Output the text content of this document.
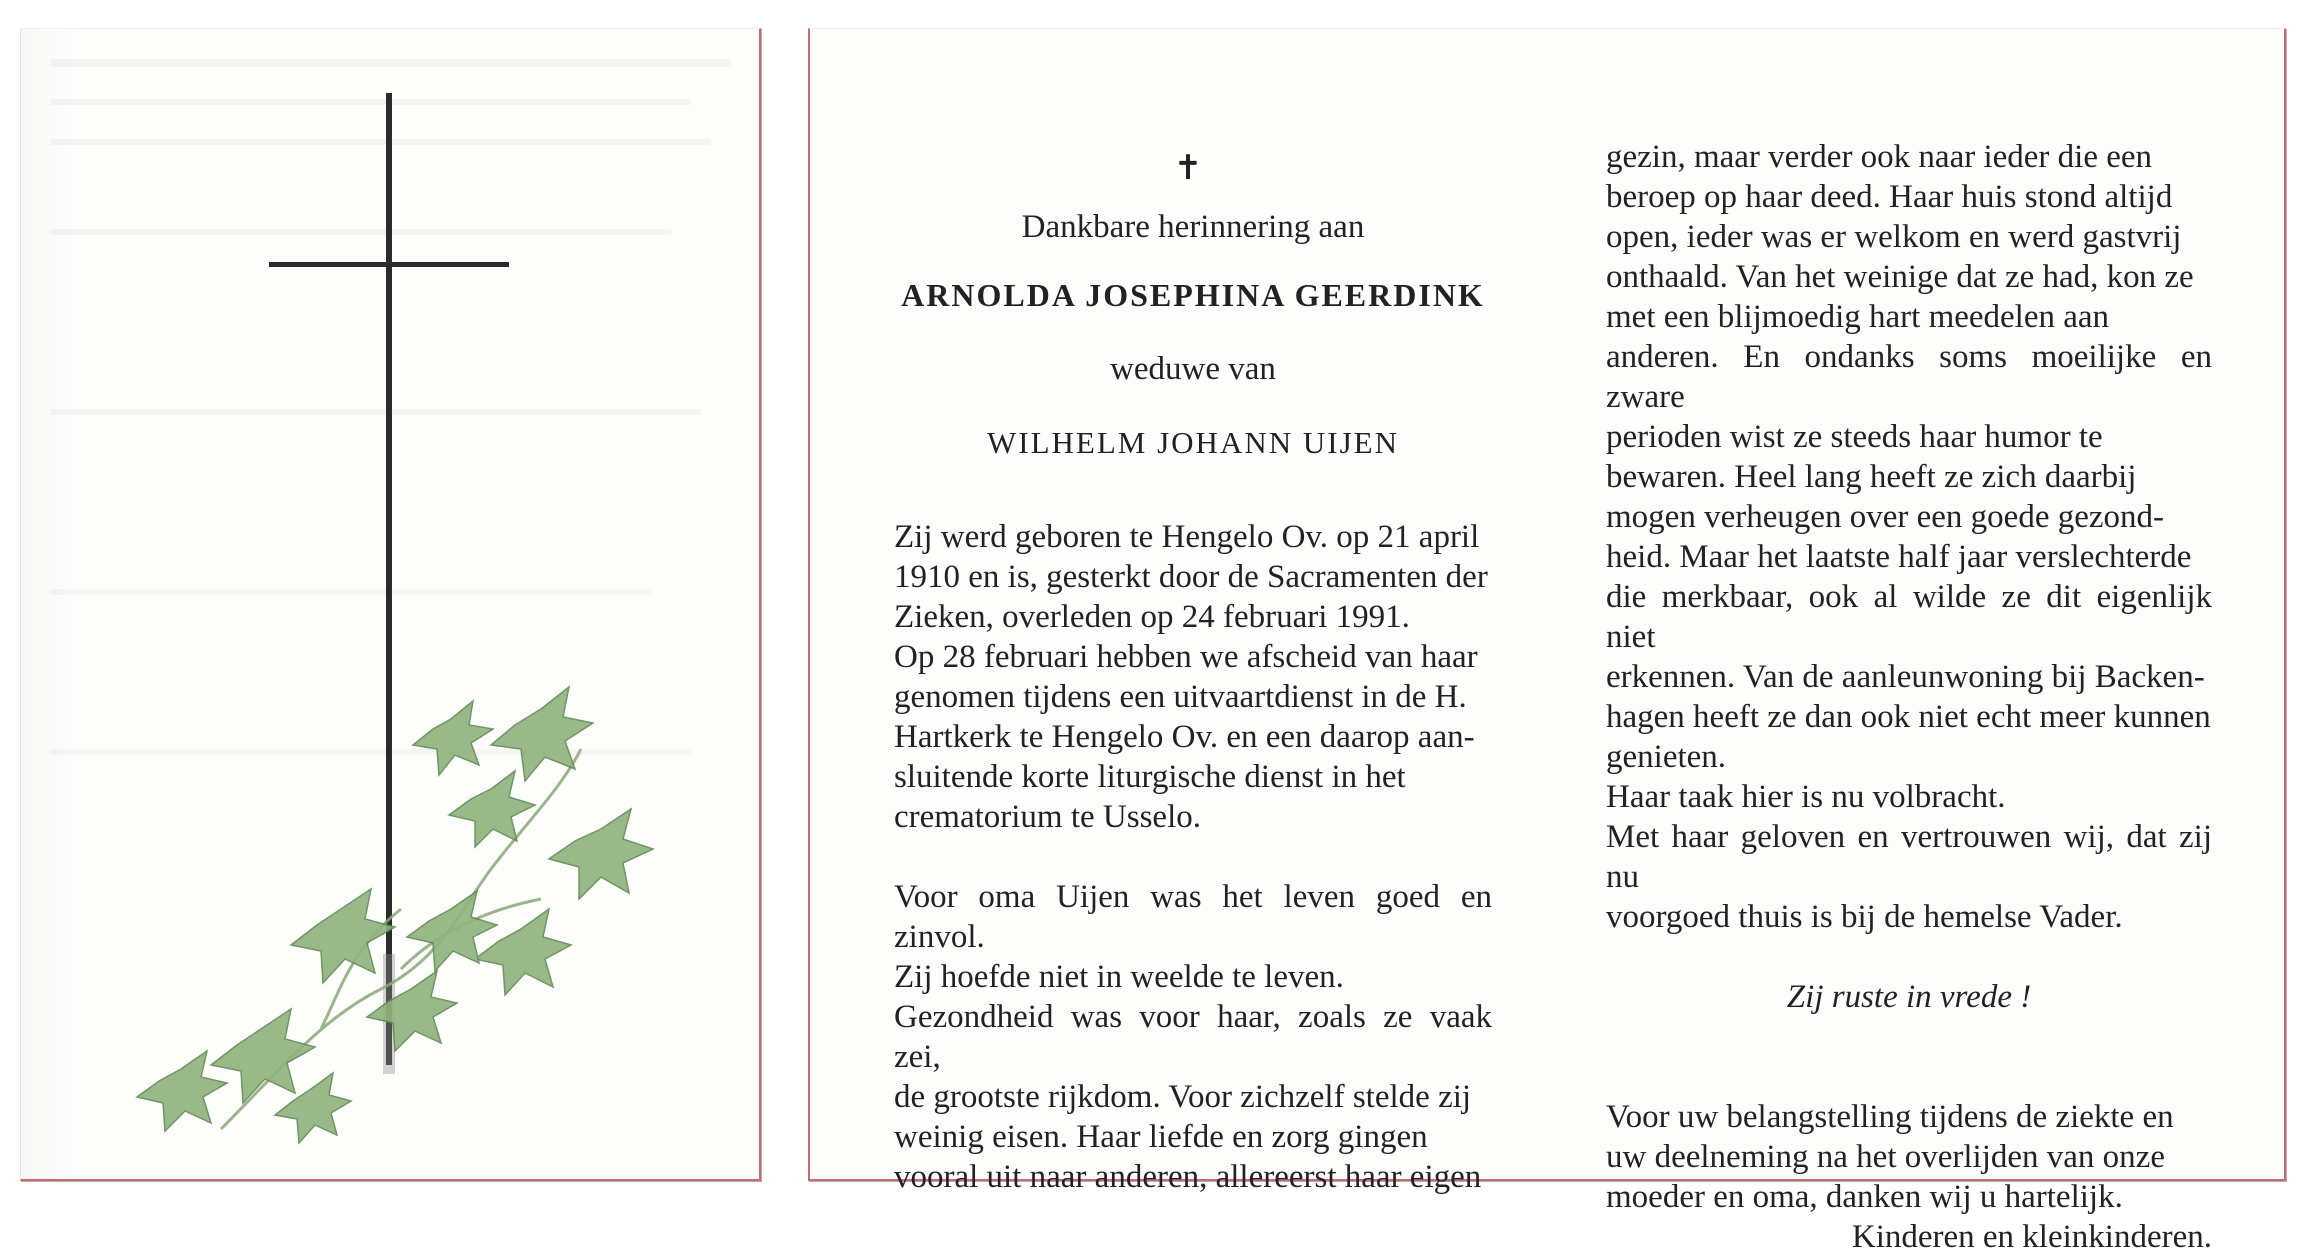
✝
Dankbare herinnering aan
ARNOLDA JOSEPHINA GEERDINK
weduwe van
WILHELM JOHANN UIJEN
Zij werd geboren te Hengelo Ov. op 21 april
1910 en is, gesterkt door de Sacramenten der
Zieken, overleden op 24 februari 1991.
Op 28 februari hebben we afscheid van haar
genomen tijdens een uitvaartdienst in de H.
Hartkerk te Hengelo Ov. en een daarop aan-
sluitende korte liturgische dienst in het
crematorium te Usselo.
Voor oma Uijen was het leven goed en zinvol.
Zij hoefde niet in weelde te leven.
Gezondheid was voor haar, zoals ze vaak zei,
de grootste rijkdom. Voor zichzelf stelde zij
weinig eisen. Haar liefde en zorg gingen
vooral uit naar anderen, allereerst haar eigen
gezin, maar verder ook naar ieder die een
beroep op haar deed. Haar huis stond altijd
open, ieder was er welkom en werd gastvrij
onthaald. Van het weinige dat ze had, kon ze
met een blijmoedig hart meedelen aan
anderen. En ondanks soms moeilijke en zware
perioden wist ze steeds haar humor te
bewaren. Heel lang heeft ze zich daarbij
mogen verheugen over een goede gezond-
heid. Maar het laatste half jaar verslechterde
die merkbaar, ook al wilde ze dit eigenlijk niet
erkennen. Van de aanleunwoning bij Backen-
hagen heeft ze dan ook niet echt meer kunnen
genieten.
Haar taak hier is nu volbracht.
Met haar geloven en vertrouwen wij, dat zij nu
voorgoed thuis is bij de hemelse Vader.
Zij ruste in vrede !
Voor uw belangstelling tijdens de ziekte en
uw deelneming na het overlijden van onze
moeder en oma, danken wij u hartelijk.
Kinderen en kleinkinderen.
